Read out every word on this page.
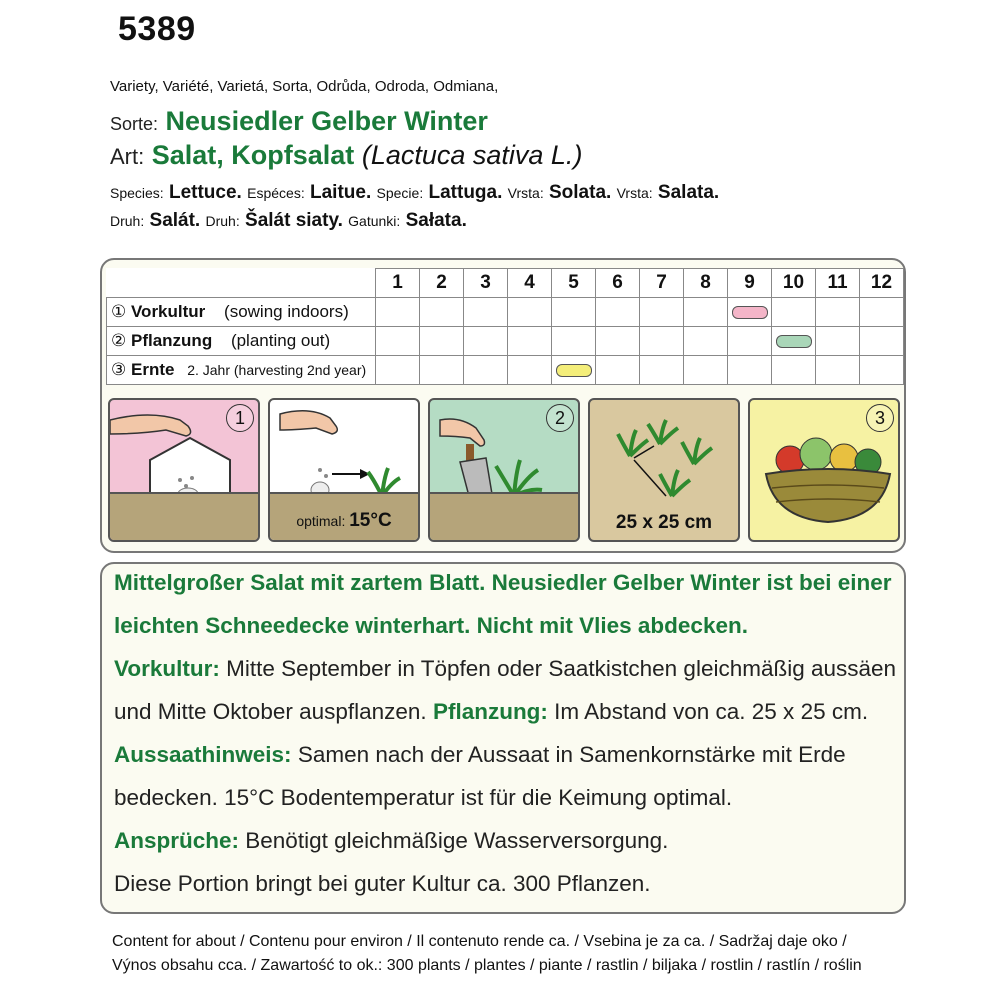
5389
Variety, Variété, Varietá, Sorta, Odrůda, Odroda, Odmiana,
Sorte: Neusiedler Gelber Winter
Art: Salat, Kopfsalat (Lactuca sativa L.)
Species: Lettuce. Espéces: Laitue. Specie: Lattuga. Vrsta: Solata. Vrsta: Salata.
Druh: Salát. Druh: Šalát siaty. Gatunki: Sałata.
	1	2	3	4	5	6	7	8	9	10	11	12
① Vorkultur (sowing indoors)									

② Pflanzung (planting out)										

③ Ernte 2. Jahr (harvesting 2nd year)					

1
optimal: 15°C
2
25 x 25 cm
3
Mittelgroßer Salat mit zartem Blatt. Neusiedler Gelber Winter ist bei einer
leichten Schneedecke winterhart. Nicht mit Vlies abdecken.
Vorkultur: Mitte September in Töpfen oder Saatkistchen gleichmäßig aussäen
und Mitte Oktober auspflanzen. Pflanzung: Im Abstand von ca. 25 x 25 cm.
Aussaathinweis: Samen nach der Aussaat in Samenkornstärke mit Erde
bedecken. 15°C Bodentemperatur ist für die Keimung optimal.
Ansprüche: Benötigt gleichmäßige Wasserversorgung.
Diese Portion bringt bei guter Kultur ca. 300 Pflanzen.
Content for about / Contenu pour environ / Il contenuto rende ca. / Vsebina je za ca. / Sadržaj daje oko /
Výnos obsahu cca. / Zawartość to ok.: 300 plants / plantes / piante / rastlin / biljaka / rostlin / rastlín / roślin
